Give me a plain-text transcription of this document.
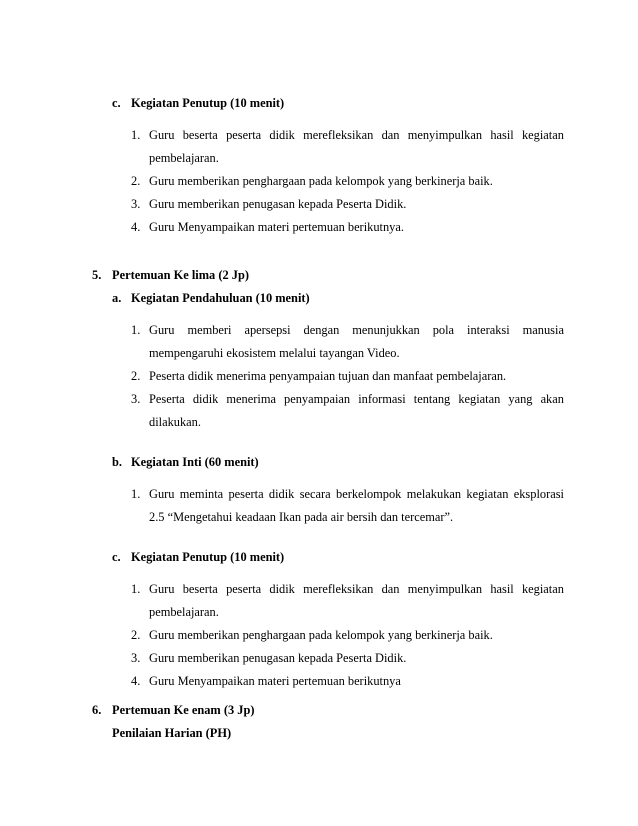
c. Kegiatan Penutup (10 menit)
1. Guru beserta peserta didik merefleksikan dan menyimpulkan hasil kegiatan
pembelajaran.
2. Guru memberikan penghargaan pada kelompok yang berkinerja baik.
3. Guru memberikan penugasan kepada Peserta Didik.
4. Guru Menyampaikan materi pertemuan berikutnya.
5. Pertemuan Ke lima (2 Jp)
a. Kegiatan Pendahuluan (10 menit)
1. Guru memberi apersepsi dengan menunjukkan pola interaksi manusia
mempengaruhi ekosistem melalui tayangan Video.
2. Peserta didik menerima penyampaian tujuan dan manfaat pembelajaran.
3. Peserta didik menerima penyampaian informasi tentang kegiatan yang akan
dilakukan.
b. Kegiatan Inti (60 menit)
1. Guru meminta peserta didik secara berkelompok melakukan kegiatan eksplorasi
2.5 “Mengetahui keadaan Ikan pada air bersih dan tercemar”.
c. Kegiatan Penutup (10 menit)
1. Guru beserta peserta didik merefleksikan dan menyimpulkan hasil kegiatan
pembelajaran.
2. Guru memberikan penghargaan pada kelompok yang berkinerja baik.
3. Guru memberikan penugasan kepada Peserta Didik.
4. Guru Menyampaikan materi pertemuan berikutnya
6. Pertemuan Ke enam (3 Jp)
Penilaian Harian (PH)
